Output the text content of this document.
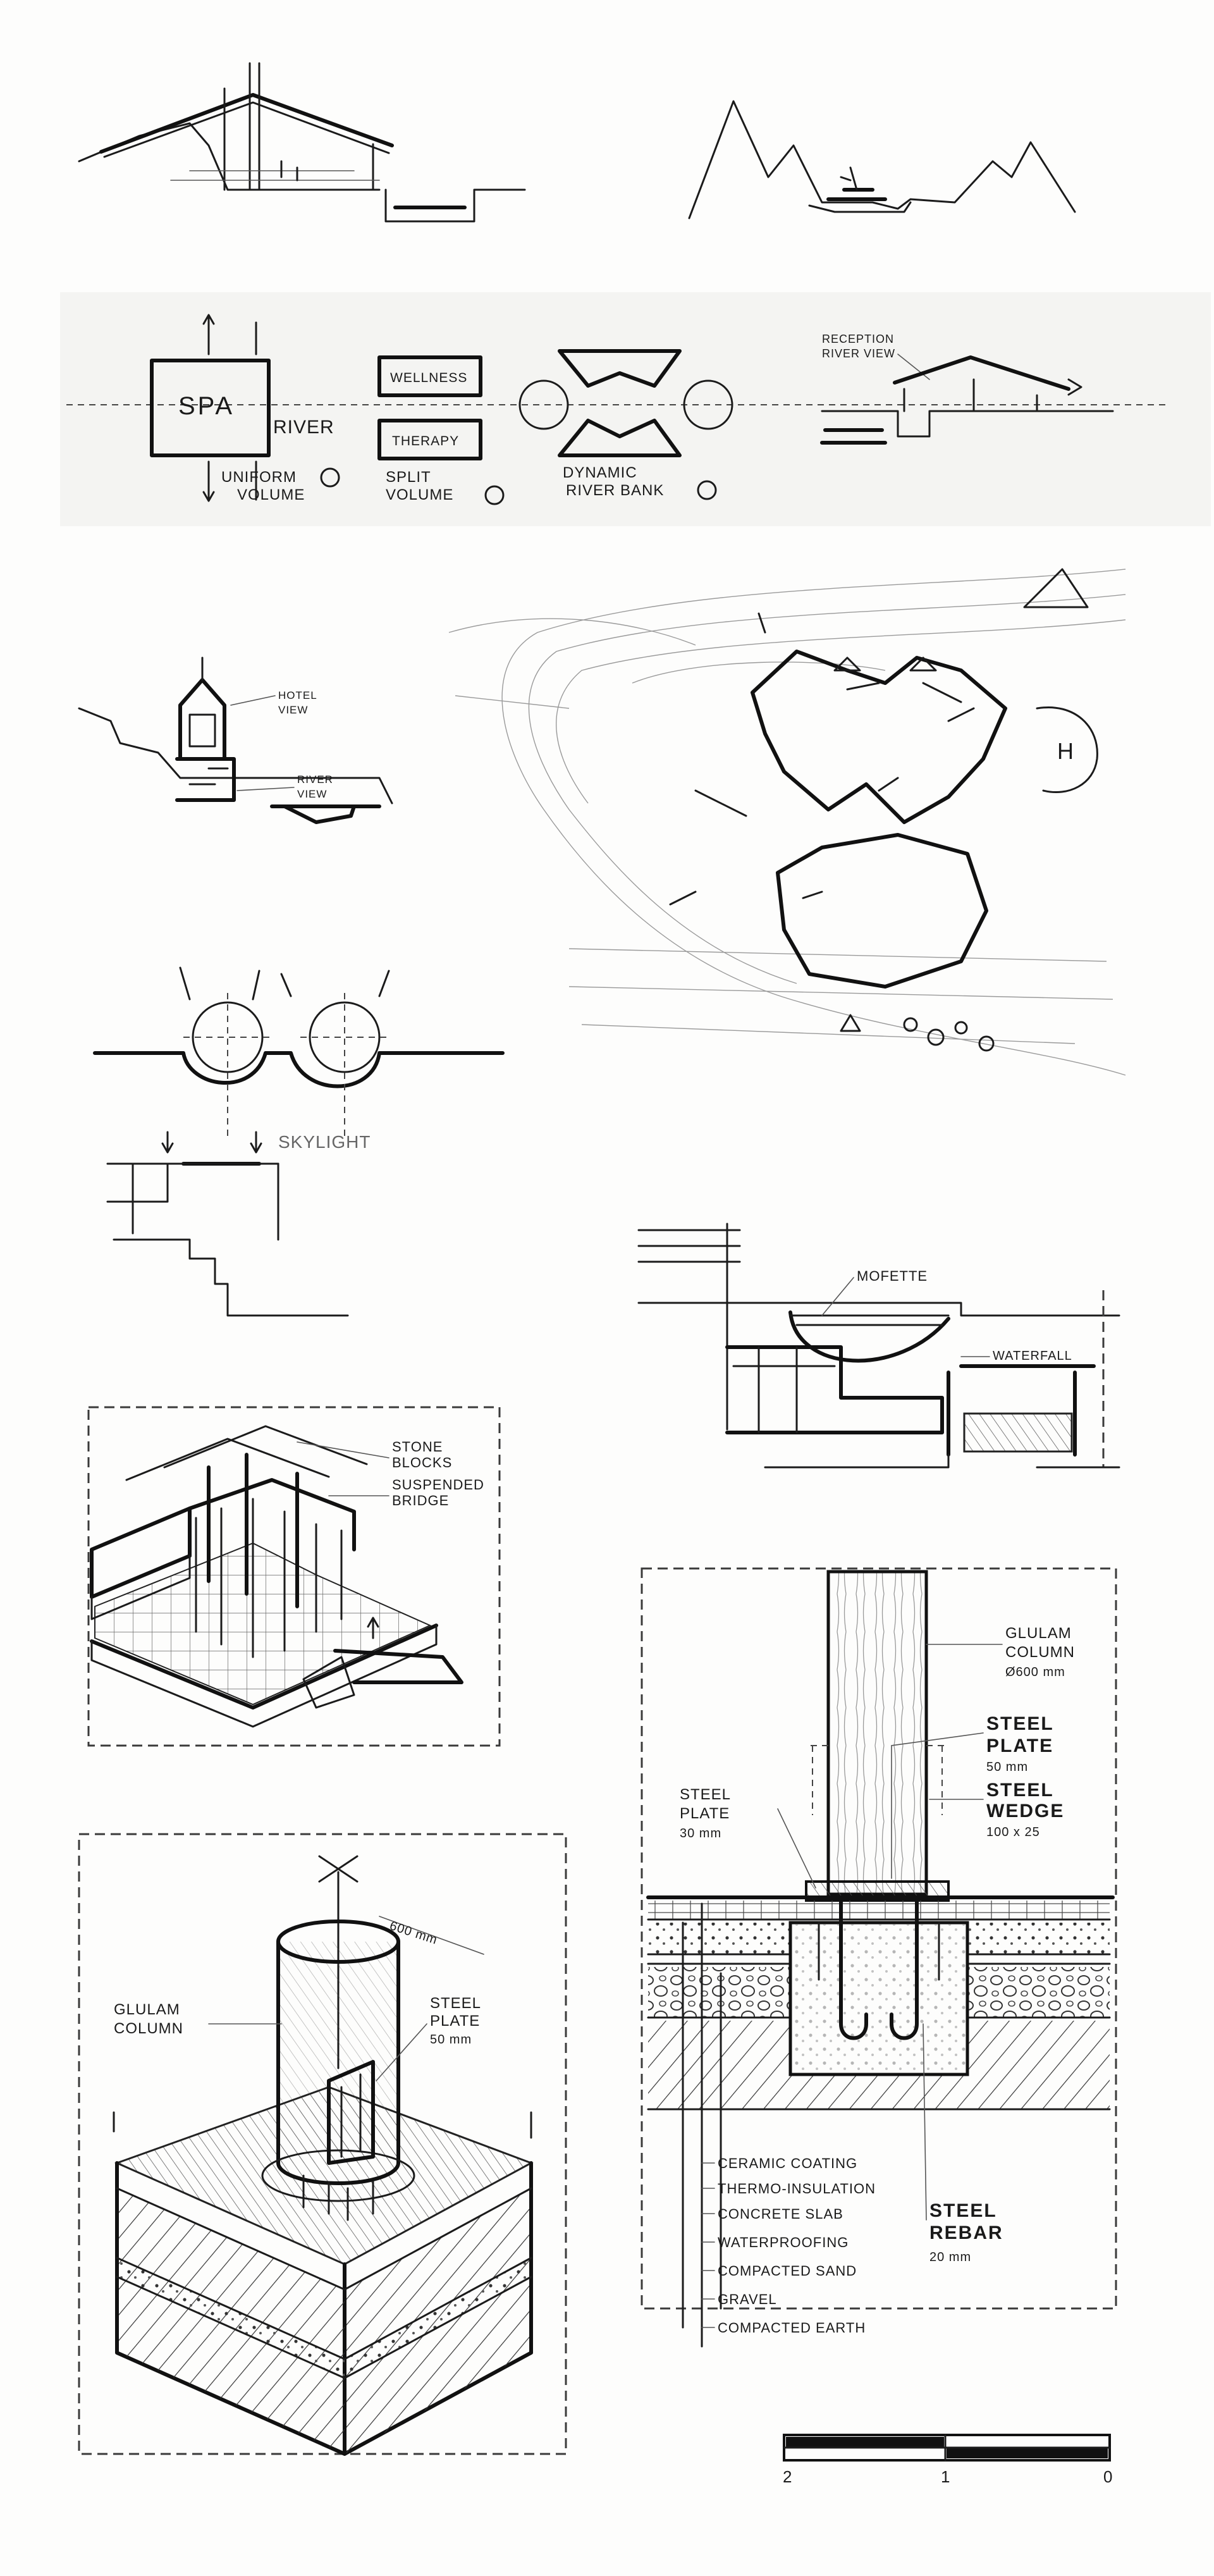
SPA
RIVER
UNIFORM
VOLUME
WELLNESS
THERAPY
SPLIT
VOLUME
DYNAMIC
RIVER BANK
RECEPTION
RIVER VIEW
HOTEL
VIEW
RIVER
VIEW
H
SKYLIGHT
MOFETTE
WATERFALL
STONE
BLOCKS
SUSPENDED
BRIDGE
600 mm
GLULAM
COLUMN
STEEL
PLATE
50 mm
GLULAM
COLUMN
Ø600 mm
STEEL
PLATE
50 mm
STEEL
PLATE
30 mm
STEEL
WEDGE
100 x 25
STEEL
REBAR
20 mm
CERAMIC COATING
THERMO-INSULATION
CONCRETE SLAB
WATERPROOFING
COMPACTED SAND
GRAVEL
COMPACTED EARTH
2	1	0
